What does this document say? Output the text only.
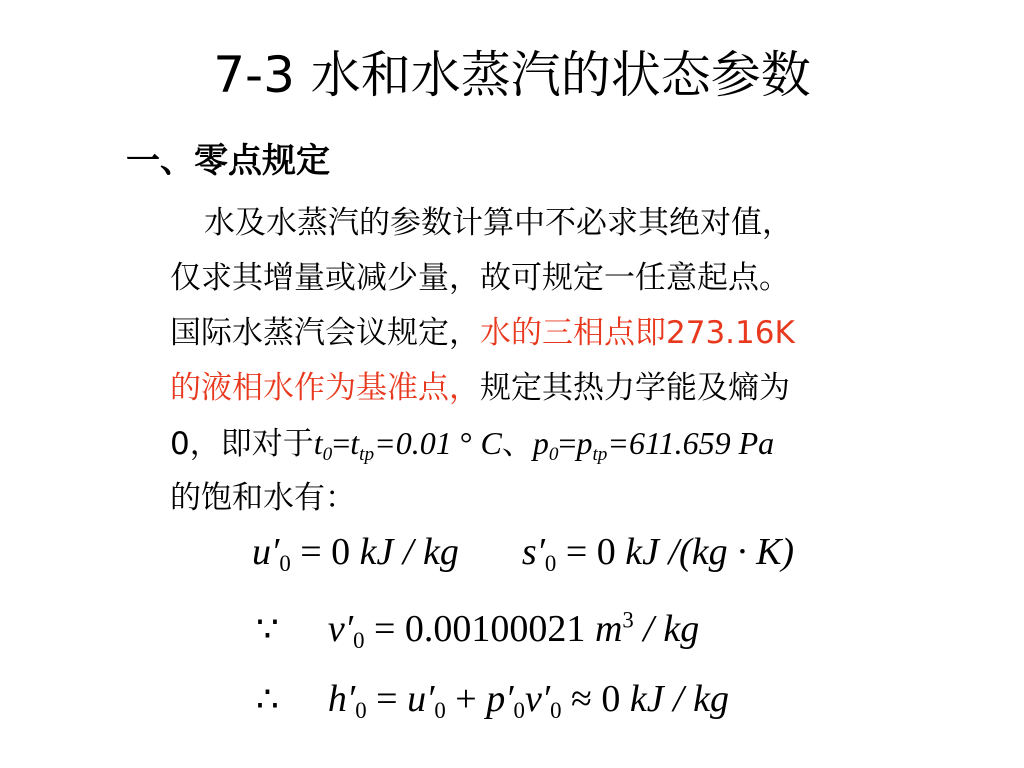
7-3 水和水蒸汽的状态参数
一、零点规定
水及水蒸汽的参数计算中不必求其绝对值，
仅求其增量或减少量，故可规定一任意起点。
国际水蒸汽会议规定，水的三相点即273.16K
的液相水作为基准点，规定其热力学能及熵为
0，即对于$t_0=t_{tp}=0.01$ ° C、$p_0=p_{tp}=611.659$ Pa
的饱和水有：
$u'_0 = 0$ kJ / kg $s'_0 = 0$ kJ /(kg · K)
∵ $v'_0 = 0.00100021$ $m^3$ / kg
∴ $h'_0 = u'_0 + p'_0v'_0 \approx 0$ kJ / kg
